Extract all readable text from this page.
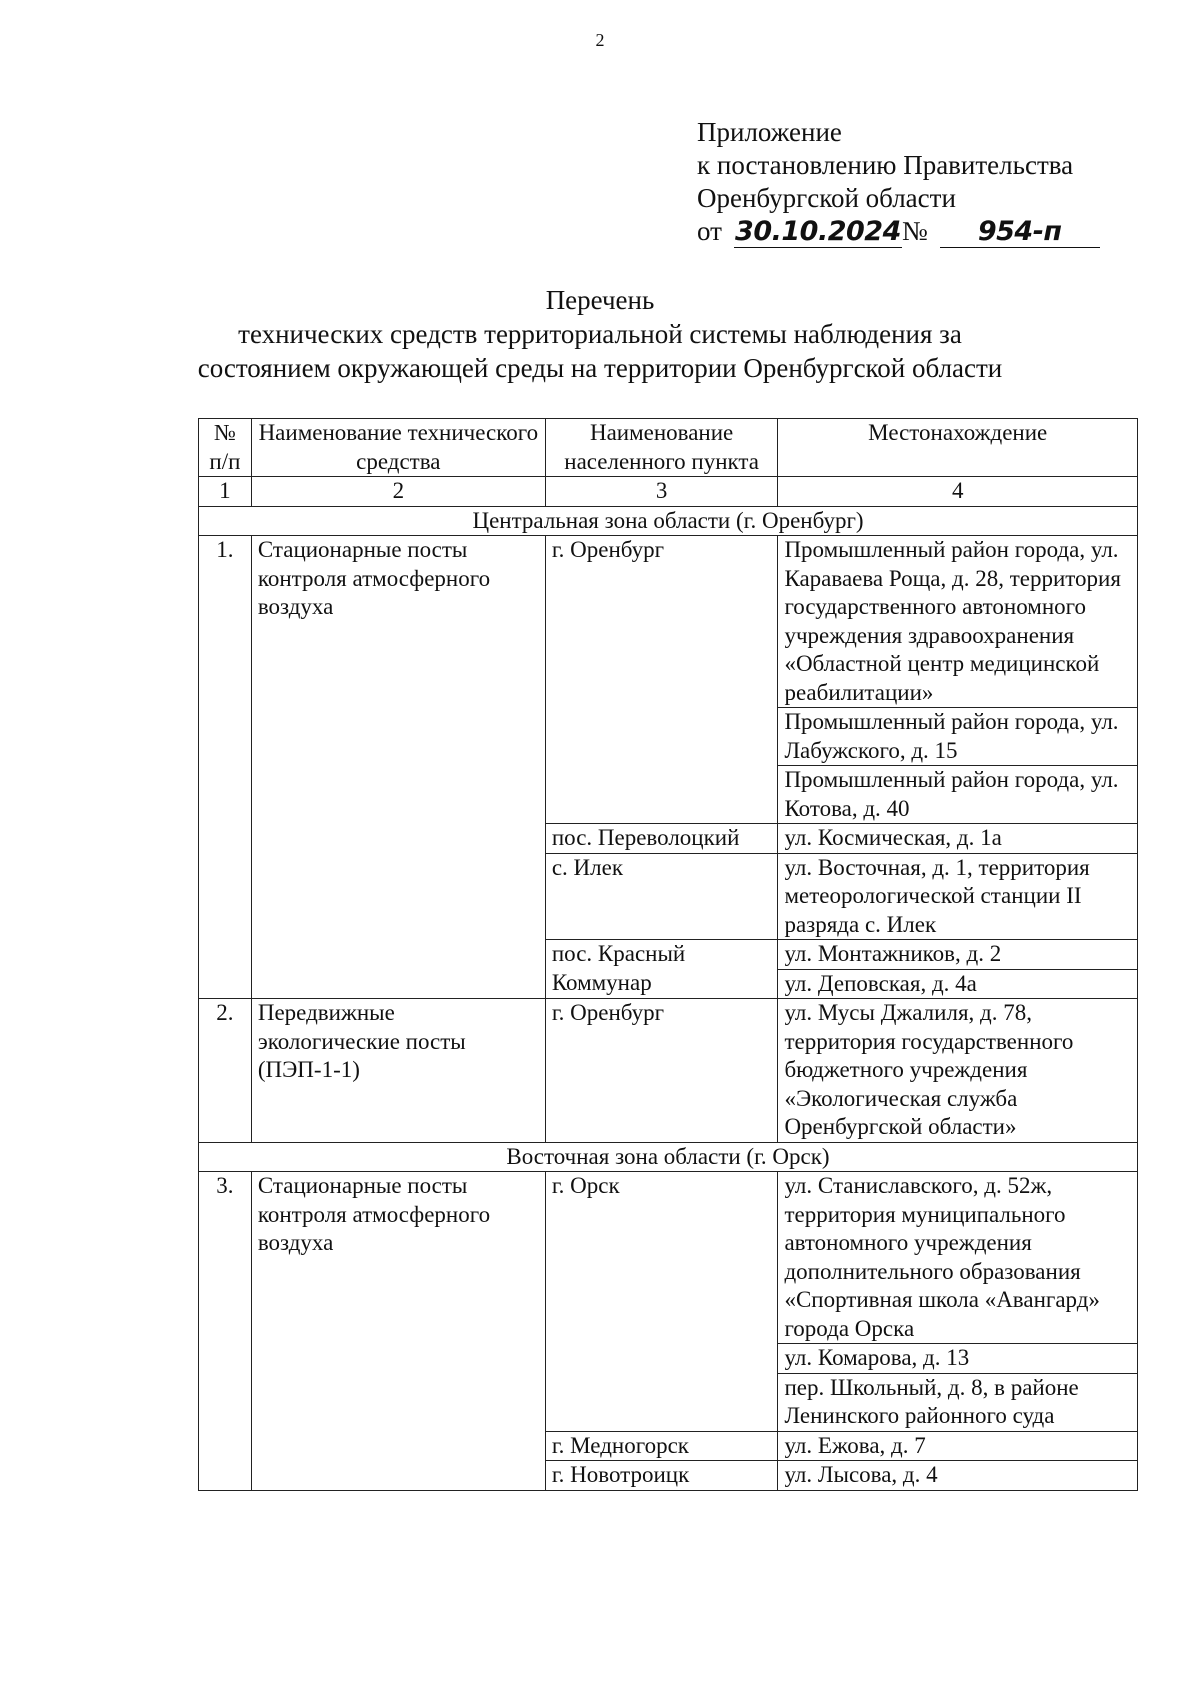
2
Приложение
к постановлению Правительства
Оренбургской области
от 30.10.2024 №	954-п
Перечень
технических средств территориальной системы наблюдения за
состоянием окружающей среды на территории Оренбургской области
№ п/п	Наименование технического средства	Наименование населенного пункта	Местонахождение
1	2	3	4
Центральная зона области (г. Оренбург)			
1.	Стационарные посты контроля атмосферного воздуха	г. Оренбург	Промышленный район города, ул. Караваева Роща, д. 28, территория государственного автономного учреждения здравоохранения «Областной центр медицинской реабилитации»
			Промышленный район города, ул. Лабужского, д. 15
			Промышленный район города, ул. Котова, д. 40
		пос. Переволоцкий	ул. Космическая, д. 1а
		с. Илек	ул. Восточная, д. 1, территория метеорологической станции II разряда с. Илек
		пос. Красный Коммунар	ул. Монтажников, д. 2
			ул. Деповская, д. 4а
2.	Передвижные экологические посты (ПЭП-1-1)	г. Оренбург	ул. Мусы Джалиля, д. 78, территория государственного бюджетного учреждения «Экологическая служба Оренбургской области»
Восточная зона области (г. Орск)			
3.	Стационарные посты контроля атмосферного воздуха	г. Орск	ул. Станиславского, д. 52ж, территория муниципального автономного учреждения дополнительного образования «Спортивная школа «Авангард» города Орска
			ул. Комарова, д. 13
			пер. Школьный, д. 8, в районе Ленинского районного суда
		г. Медногорск	ул. Ежова, д. 7
		г. Новотроицк	ул. Лысова, д. 4
